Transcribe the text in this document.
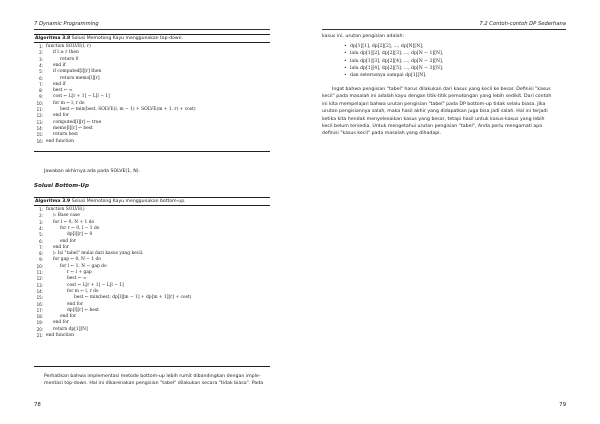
7 Dynamic Programming
Algoritma 3.8 Solusi Memotong Kayu menggunakan top-down.
1: function SOLVE(l, r)
2: if l ≥ r then
3:	return 0
4: end if
5: if computed[l][r] then
6:	return memo[l][r]
7: end if
8: best ← ∞
9: cost ← L[r + 1] − L[l − 1]
10: for m ← l, r do
11:	best ← min(best, SOLVE(l, m − 1) + SOLVE(m + 1, r) + cost)
12: end for
13: computed[l][r] ← true
14: memo[l][r] ← best
15: return best
16: end function
Jawaban akhirnya ada pada SOLVE(1, N).
Solusi Bottom-Up
Algoritma 3.9 Solusi Memotong Kayu menggunakan bottom-up.
1: function SOLVE()
2: ▷ Base case
3: for l ← 0, N + 1 do
4:	for r ← 0, l − 1 do
5:	dp[l][r] ← 0
6:	end for
7: end for
8: ▷ Isi "tabel" mulai dari kasus yang kecil.
9: for gap ← 0, N − 1 do
10:	for l ← 1, N − gap do
11:	r ← l + gap
12:	best ← ∞
13:	cost ← L[r + 1] − L[l − 1]
14:	for m ← l, r do
15:	best ← min(best, dp[l][m − 1] + dp[m + 1][r] + cost)
16:	end for
17:	dp[l][r] ← best
18:	end for
19: end for
20: return dp[1][N]
21: end function
Perhatikan bahwa implementasi metode bottom-up lebih rumit dibandingkan dengan imple-
mentasi top-down. Hal ini dikarenakan pengisian "tabel" dilakukan secara "tidak biasa". Pada
78
7.2 Contoh-contoh DP Sederhana
kasus ini, urutan pengisian adalah:
• dp[1][1], dp[2][2], ..., dp[N][N],
• lalu dp[1][2], dp[2][3], ..., dp[N − 1][N],
• lalu dp[1][3], dp[2][4], ..., dp[N − 2][N],
• lalu dp[1][4], dp[2][5], ..., dp[N − 3][N],
• dan seterusnya sampai dp[1][N].
Ingat bahwa pengisian "tabel" harus dilakukan dari kasus yang kecil ke besar. Definisi "kasus
kecil" pada masalah ini adalah kayu dengan titik-titik pemotongan yang lebih sedikit. Dari contoh
ini kita mempelajari bahwa urutan pengisian "tabel" pada DP bottom-up tidak selalu biasa. Jika
urutan pengisiannya salah, maka hasil akhir yang didapatkan juga bisa jadi salah. Hal ini terjadi
ketika kita hendak menyelesaikan kasus yang besar, tetapi hasil untuk kasus-kasus yang lebih
kecil belum tersedia. Untuk mengetahui urutan pengisian "tabel", Anda perlu mengamati apa
definisi "kasus kecil" pada masalah yang dihadapi.
79
